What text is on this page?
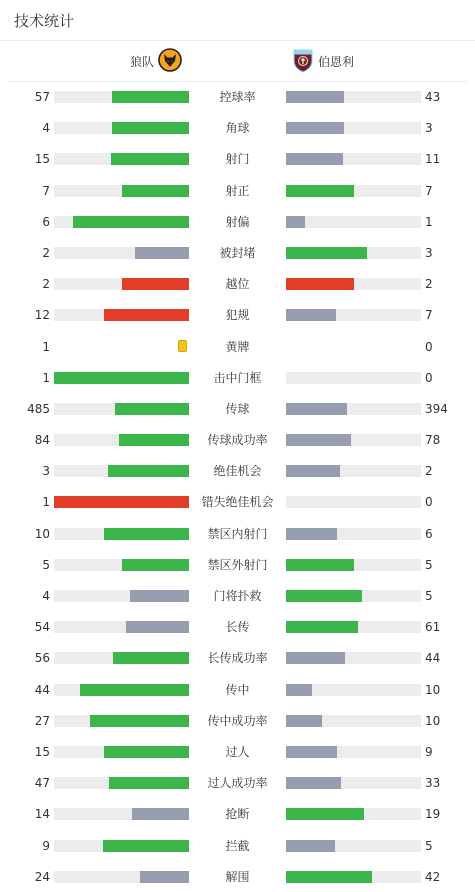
技术统计
狼队	伯恩利
57	控球率	43
4	角球	3
15	射门	11
7	射正	7
6	射偏	1
2	被封堵	3
2	越位	2
12	犯规	7
1	黄牌	0
1	击中门框	0
485	传球	394
84	传球成功率	78
3	绝佳机会	2
1	错失绝佳机会	0
10	禁区内射门	6
5	禁区外射门	5
4	门将扑救	5
54	长传	61
56	长传成功率	44
44	传中	10
27	传中成功率	10
15	过人	9
47	过人成功率	33
14	抢断	19
9	拦截	5
24	解围	42
